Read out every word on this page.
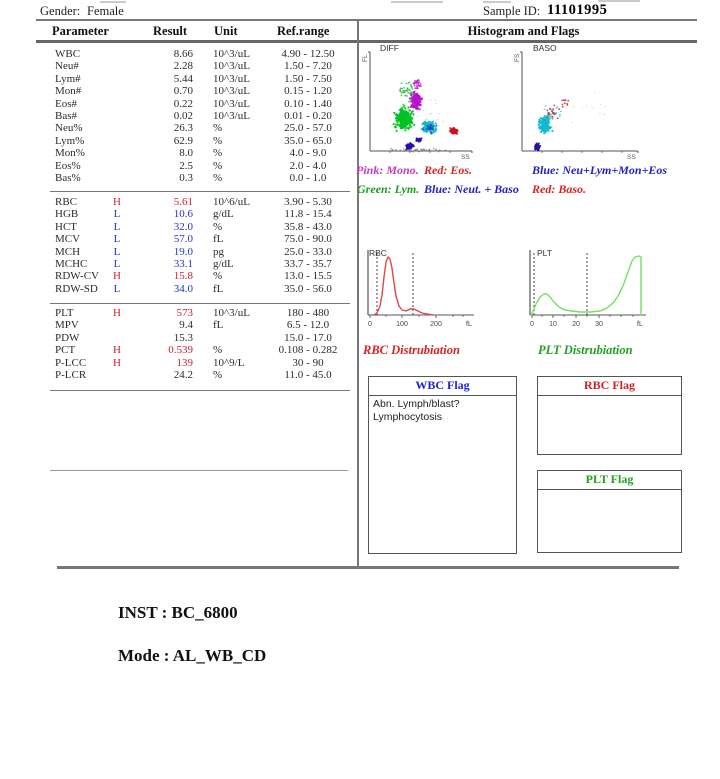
Gender: Female	Sample ID: 11101995
Parameter	Result Unit	Ref.range	Histogram and Flags
WBC	8.66 10^3/uL	4.90 - 12.50
Neu#	2.28 10^3/uL	1.50 - 7.20
Lym#	5.44 10^3/uL	1.50 - 7.50
Mon#	0.70 10^3/uL	0.15 - 1.20
Eos#	0.22 10^3/uL	0.10 - 1.40
Bas#	0.02 10^3/uL	0.01 - 0.20
Neu%	26.3 %	25.0 - 57.0
Lym%	62.9 %	35.0 - 65.0
Mon%	8.0 %	4.0 - 9.0
Eos%	2.5 %	2.0 - 4.0
Bas%	0.3 %	0.0 - 1.0
RBC	H	5.61 10^6/uL	3.90 - 5.30
HGB	L	10.6 g/dL	11.8 - 15.4
HCT	L	32.0 %	35.8 - 43.0
MCV	L	57.0 fL	75.0 - 90.0
MCH	L	19.0 pg	25.0 - 33.0
MCHC	L	33.1 g/dL	33.7 - 35.7
RDW-CV H	15.8 %	13.0 - 15.5
RDW-SD	L	34.0 fL	35.0 - 56.0
PLT	H	573 10^3/uL	180 - 480
MPV	9.4 fL	6.5 - 12.0
PDW	15.3	15.0 - 17.0
PCT	H	0.539 %	0.108 - 0.282
P-LCC H	139 10^9/L	30 - 90
P-LCR	24.2 %	11.0 - 45.0
DIFF
FL
SS
BASO
FS
SS
Pink: Mono. Red: Eos.	Blue: Neu+Lym+Mon+Eos
Green: Lym. Blue: Neut. + Baso Red: Baso.
0	100	200	fL
RBC
0 10 20 30	fL
PLT
RBC Distrubiation	PLT Distrubiation
WBC Flag
Abn. Lymph/blast?
Lymphocytosis
RBC Flag
PLT Flag
INST : BC_6800
Mode : AL_WB_CD
